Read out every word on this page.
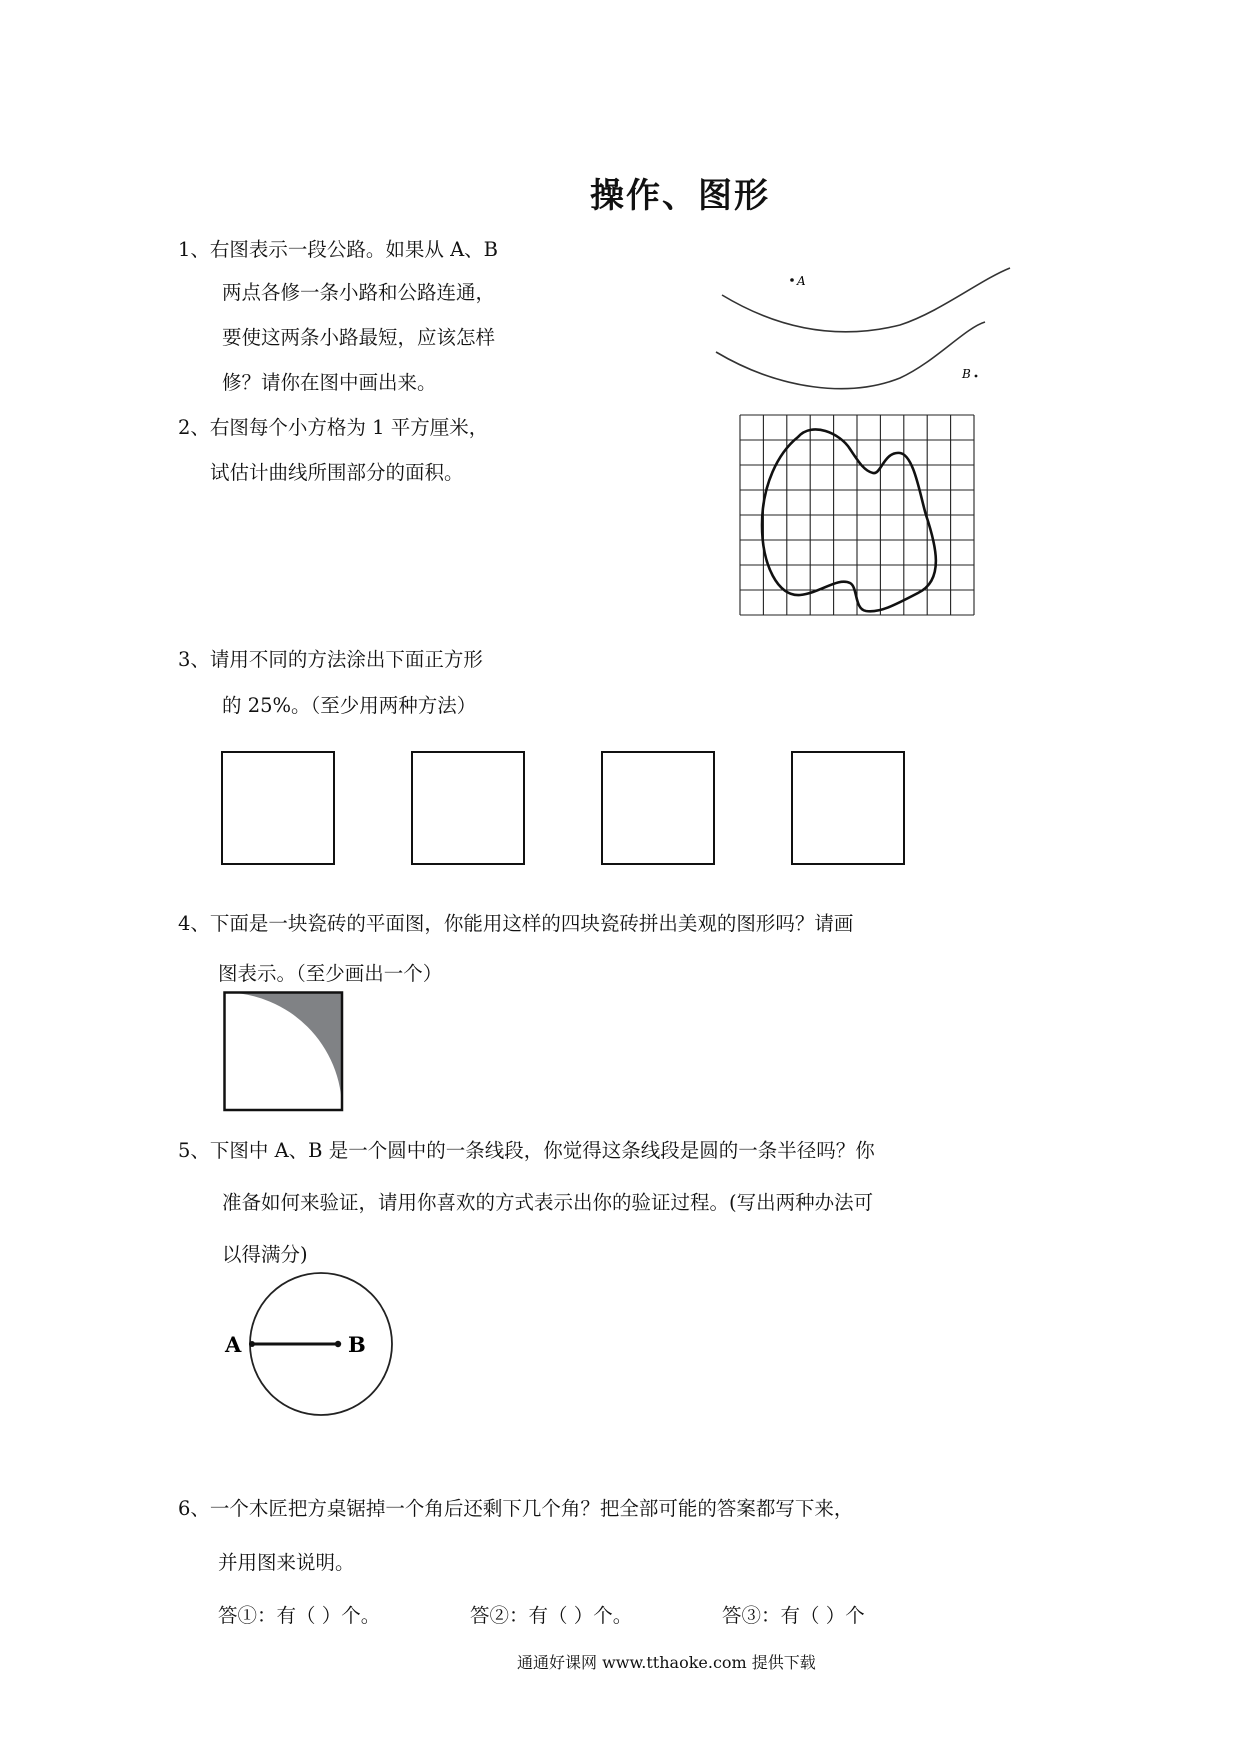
操作、图形
1、右图表示一段公路。如果从 A、B
两点各修一条小路和公路连通，
要使这两条小路最短，应该怎样
修？请你在图中画出来。
A
B
2、右图每个小方格为 1 平方厘米，
试估计曲线所围部分的面积。
3、请用不同的方法涂出下面正方形
的 25%。（至少用两种方法）
4、下面是一块瓷砖的平面图，你能用这样的四块瓷砖拼出美观的图形吗？请画
图表示。（至少画出一个）
5、下图中 A、B 是一个圆中的一条线段，你觉得这条线段是圆的一条半径吗？你
准备如何来验证，请用你喜欢的方式表示出你的验证过程。(写出两种办法可
以得满分)
A	B
6、一个木匠把方桌锯掉一个角后还剩下几个角？把全部可能的答案都写下来，
并用图来说明。
答①：有（ ）个。	答②：有（ ）个。	答③：有（ ）个
通通好课网 www.tthaoke.com 提供下载
